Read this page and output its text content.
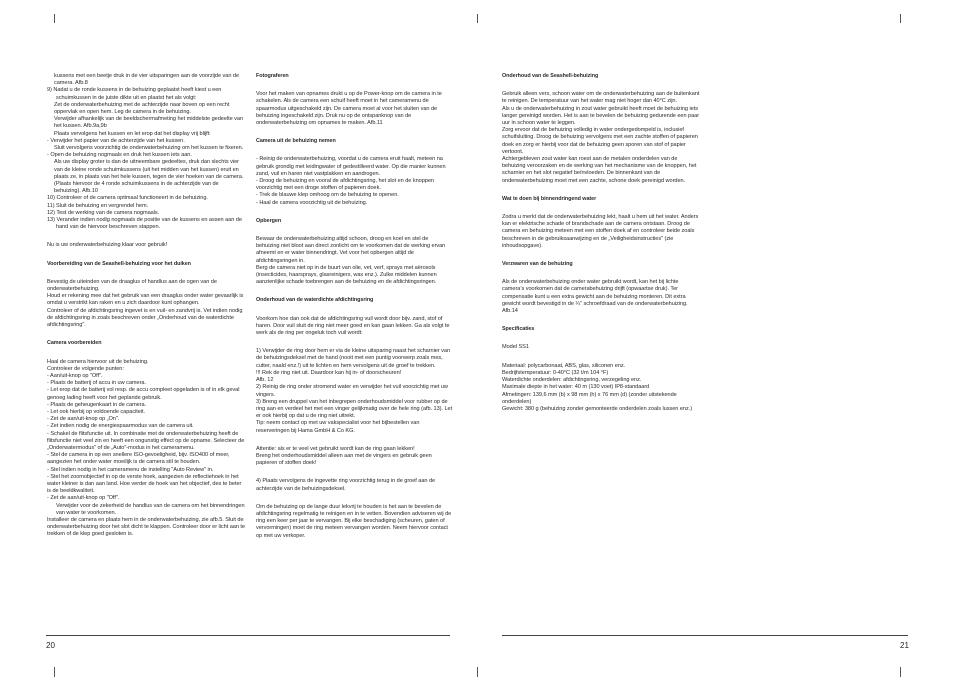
kussens met een beetje druk in de vier uitsparingen aan de voorzijde van de camera. Afb.8

9) Nadat u de ronde kussens in de behuizing geplaatst heeft kiest u een schuimkussen in de juiste dikte uit en plaatst het als volgt:

Zet de onderwaterbehuizing met de achterzijde naar boven op een recht oppervlak en open hem. Leg de camera in de behuizing.

Verwijder afhankelijk van de beeldschermafmeting het middelste gedeelte van het kussen. Afb.9a,9b

Plaats vervolgens het kussen en let erop dat het display vrij blijft:

- Verwijder het papier van de achterzijde van het kussen.

Sluit vervolgens voorzichtig de onderwaterbehuizing om het kussen te fixeren.

- Open de behuizing nogmaals en druk het kussen iets aan.

Als uw display groter is dan de uitneembare gedeeltes, druk dan slechts vier van de kleine ronde schuimkussens (uit het midden van het kussen) eruit en plaats ze, in plaats van het hele kussen, tegen de vier hoeken van de camera. (Plaats hiervoor de 4 ronde schuimkussens in de achterzijde van de behuizing). Afb.10

10) Controleer of de camera optimaal functioneert in de behuizing.

11) Sluit de behuizing en vergrendel hem.

12) Test de werking van de camera nogmaals.

13) Verander indien nodig nogmaals de positie van de kussens en assen aan de hand van de hiervoor beschreven stappen.

Nu is uw onderwaterbehuizing klaar voor gebruik!

Voorbereiding van de Seashell-behuizing voor het duiken

Bevestig de uiteinden van de draaglus of handlus aan de ogen van de onderwaterbehuizing.

Houd er rekening mee dat het gebruik van een draaglus onder water gevaarlijk is omdat u verstrikt kan raken en u zich daardoor kunt ophangen.

Controleer of de afdichtingsring ingevet is en vuil- en zandvrij is. Vet indien nodig de afdichtingsring in zoals beschreven onder „Onderhoud van de waterdichte afdichtingsring".

Camera voorbereiden

Haal de camera hiervoor uit de behuizing.

Controleer de volgende punten:

- Aan/uit-knop op "Off".

- Plaats de batterij of accu in uw camera.

- Let erop dat de batterij vol resp. de accu compleet opgeladen is of in elk geval genoeg lading heeft voor het geplande gebruik.

- Plaats de geheugenkaart in de camera.

- Let ook hierbij op voldoende capaciteit.

- Zet de aan/uit-knop op „On".

- Zet indien nodig de energiespaarmodus van de camera uit.

- Schakel de flitsfunctie uit. In combinatie met de onderwaterbehuizing heeft de flitsfunctie niet veel zin en heeft een ongunstig effect op de opname. Selecteer de „Onderwatermodus" of de „Auto"-modus in het cameramenu.

- Stel de camera in op een snellere ISO-gevoeligheid, bijv. ISO400 of meer, aangezien het onder water moeilijk is de camera stil te houden.

- Stel indien nodig in het cameramenu de instelling "Auto Review" in.

- Stel het zoomobjectief in op de verste hoek, aangezien de reflectiehoek in het water kleiner is dan aan land. Hoe verder de hoek van het objectief, des te beter is de beeldkwaliteit.

- Zet de aan/uit-knop op "Off".

Verwijder voor de zekerheid de handlus van de camera om het binnendringen van water te voorkomen.

Installeer de camera en plaats hem in de onderwaterbehuizing, zie afb.5. Sluit de onderwaterbehuizing door het slot dicht te klappen. Controleer door er licht aan te trekken of de klep goed gesloten is.

Fotograferen

Voor het maken van opnames drukt u op de Power-knop om de camera in te schakelen. Als de camera een schuif heeft moet in het cameramenu de spaarmodus uitgeschakeld zijn. De camera moet al voor het sluiten van de behuizing ingeschakeld zijn. Druk nu op de ontspanknop van de onderwaterbehuizing om opnames te maken. Afb.11

Camera uit de behuizing nemen

- Reinig de onderwaterbehuizing, voordat u de camera eruit haalt, meteen na gebruik grondig met leidingwater of gedestilleerd water. Op die manier kunnen zand, vuil en haren niet vastplakken en aandrogen.

- Droog de behuizing en vooral de afdichtingsring, het slot en de knoppen voorzichtig met een droge stoffen of papieren doek.

- Trek de blauwe klep omhoog om de behuizing te openen.

- Haal de camera voorzichtig uit de behuizing.

Opbergen

Bewaar de onderwaterbehuizing altijd schoon, droog en koel en stel de behuizing niet bloot aan direct zonlicht om te voorkomen dat de werking ervan afneemt en er water binnendringt. Vet voor het opbergen altijd de afdichtingsringen in.

Berg de camera niet op in de buurt van olie, vet, verf, sprays met aërosols (insecticides, haarsprays, glasreinigers, wax enz.). Zulke middelen kunnen aanzienlijke schade toebrengen aan de behuizing en de afdichtingsringen.

Onderhoud van de waterdichte afdichtingsring

Voorkom hoe dan ook dat de afdichtingsring vuil wordt door bijv. zand, stof of haren. Door vuil sluit de ring niet meer goed en kan gaan lekken. Ga als volgt te werk als de ring per ongeluk toch vuil wordt:

1) Verwijder de ring door hem er via de kleine uitsparing naast het scharnier van de behuizingsdeksel met de hand (nooit met een puntig voorwerp zoals mes, cutter, naald enz.!) uit te lichten en hem vervolgens uit de groef te trekken.

!!! Rek de ring niet uit. Daardoor kan hij in- of doorscheuren!

Afb. 12

2) Reinig de ring onder stromend water en verwijder het vuil voorzichtig met uw vingers.

3) Breng een druppel van het inbegrepen onderhoudsmiddel voor rubber op de ring aan en verdeel het met een vinger gelijkmatig over de hele ring (afb. 13). Let er ook hierbij op dat u de ring niet uitrekt.

Tip: neem contact op met uw vakspecialist voor het bijbestellen van reserveringen bij Hama GmbH & Co KG.

Attentie: als er te veel vet gebruikt wordt kan de ring gaan lekken!

Breng het onderhoudsmiddel alleen aan met de vingers en gebruik geen papieren of stoffen doek!

4) Plaats vervolgens de ingevette ring voorzichtig terug in de groef aan de achterzijde van de behuizingsdeksel.

Om de behuizing op de lange duur lekvrij te houden is het aan te bevelen de afdichtingsring regelmatig te reinigen en in te vetten. Bovendien adviseren wij de ring een keer per jaar te vervangen. Bij elke beschadiging (scheuren, gaten of vervormingen) moet de ring meteen vervangen worden. Neem hiervoor contact op met uw verkoper.

Onderhoud van de Seashell-behuizing

Gebruik alleen vers, schoon water om de onderwaterbehuizing aan de buitenkant te reinigen. De temperatuur van het water mag niet hoger dan 40°C zijn.

Als u de onderwaterbehuizing in zout water gebruikt heeft moet de behuizing iets langer gereinigd worden. Het is aan te bevelen de behuizing gedurende een paar uur in schoon water te leggen.

Zorg ervoor dat de behuizing volledig in water ondergedompeld is, inclusief schuifsluiting. Droog de behuizing vervolgens met een zachte stoffen of papieren doek en zorg er hierbij voor dat de behuizing geen sporen van stof of papier vertoont.

Achtergebleven zout water kan roest aan de metalen onderdelen van de behuizing veroorzaken en de werking van het mechanisme van de knoppen, het scharnier en het slot negatief beïnvloeden. De binnenkant van de onderwaterbehuizing moet met een zachte, schone doek gereinigd worden.

Wat te doen bij binnendringend water

Zodra u merkt dat de onderwaterbehuizing lekt, haalt u hem uit het water. Anders kan er elektrische schade of brandschade aan de camera ontstaan. Droog de camera en behuizing meteen met een stoffen doek af en controleer beide zoals beschreven in de gebruiksaanwijzing en de „Veiligheidsinstructies" (zie inhoudsopgave).

Verzwaren van de behuizing

Als de onderwaterbehuizing onder water gebruikt wordt, kan het bij lichte camera’s voorkomen dat de camerabehuizing drijft (opwaartse druk). Ter compensatie kunt u een extra gewicht aan de behuizing monteren. Dit extra gewicht wordt bevestigd in de ¼" schroefdraad van de onderwaterbehuizing.

Afb.14

Specificaties

Model SS1

Materiaal: polycarbonaat, ABS, glas, siliconen enz.

Bedrijfstemperatuur: 0-40°C (32 t/m 104 °F)

Waterdichte onderdelen: afdichtingsring, verzegeling enz.

Maximale diepte in het water: 40 m (130 voet) IP8-standaard

Afmetingen: 139,6 mm (b) x 98 mm (h) x 76 mm (d) (zonder uitstekende onderdelen)

Gewicht: 380 g (behuizing zonder gemonteerde onderdelen zoals lussen enz.)

20	21
